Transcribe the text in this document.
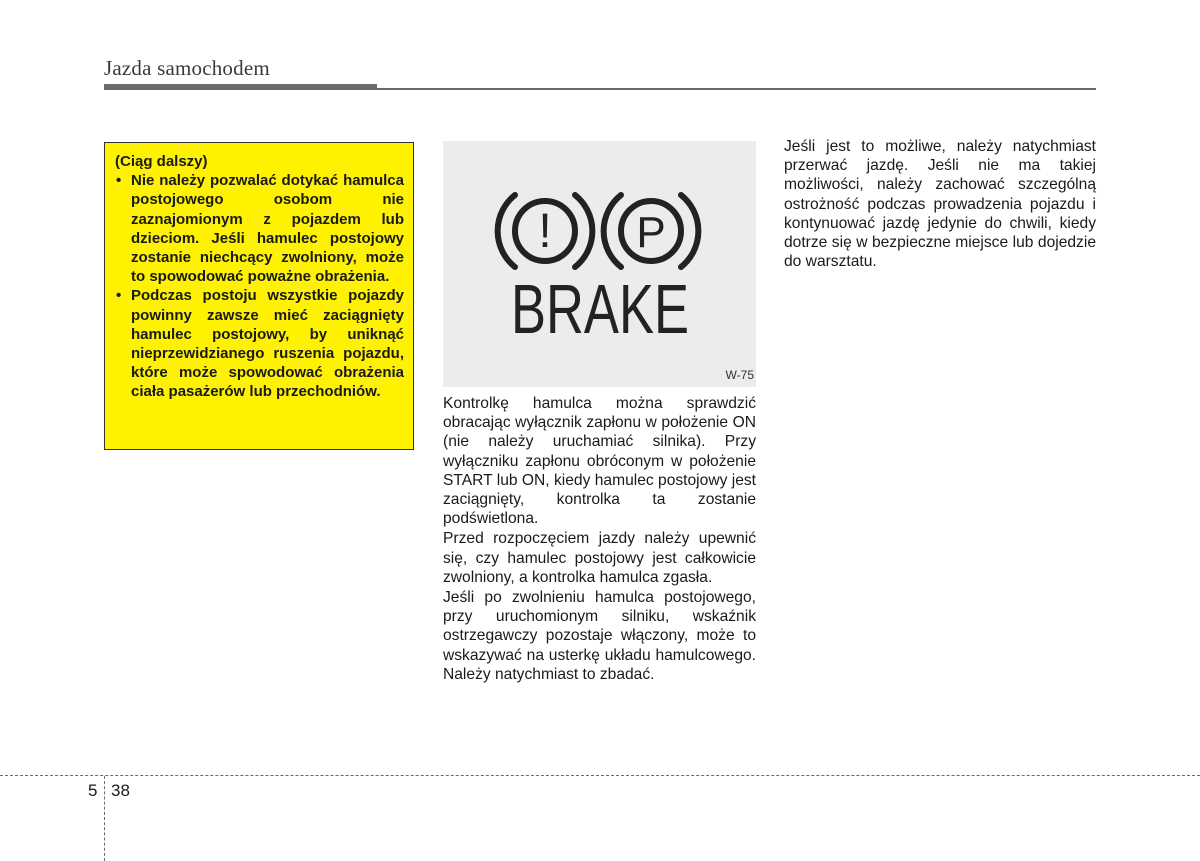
Jazda samochodem
(Ciąg dalszy)
• Nie należy pozwalać dotykać hamulca postojowego osobom nie zaznajomionym z pojazdem lub dzieciom. Jeśli hamulec postojowy zostanie niechcący zwolniony, może to spowodować poważne obrażenia.
• Podczas postoju wszystkie pojazdy powinny zawsze mieć zaciągnięty hamulec postojowy, by uniknąć nieprzewidzianego ruszenia pojazdu, które może spowodować obrażenia ciała pasażerów lub przechodniów.
! P
BRAKE
W-75

Kontrolkę hamulca można sprawdzić obracając wyłącznik zapłonu w położenie ON (nie należy uruchamiać silnika). Przy wyłączniku zapłonu obróconym w położenie START lub ON, kiedy hamulec postojowy jest zaciągnięty, kontrolka ta zostanie podświetlona.

Przed rozpoczęciem jazdy należy upewnić się, czy hamulec postojowy jest całkowicie zwolniony, a kontrolka hamulca zgasła.

Jeśli po zwolnieniu hamulca postojowego, przy uruchomionym silniku, wskaźnik ostrzegawczy pozostaje włączony, może to wskazywać na usterkę układu hamulcowego. Należy natychmiast to zbadać.

Jeśli jest to możliwe, należy natychmiast przerwać jazdę. Jeśli nie ma takiej możliwości, należy zachować szczególną ostrożność podczas prowadzenia pojazdu i kontynuować jazdę jedynie do chwili, kiedy dotrze się w bezpieczne miejsce lub dojedzie do warsztatu.

5 38
